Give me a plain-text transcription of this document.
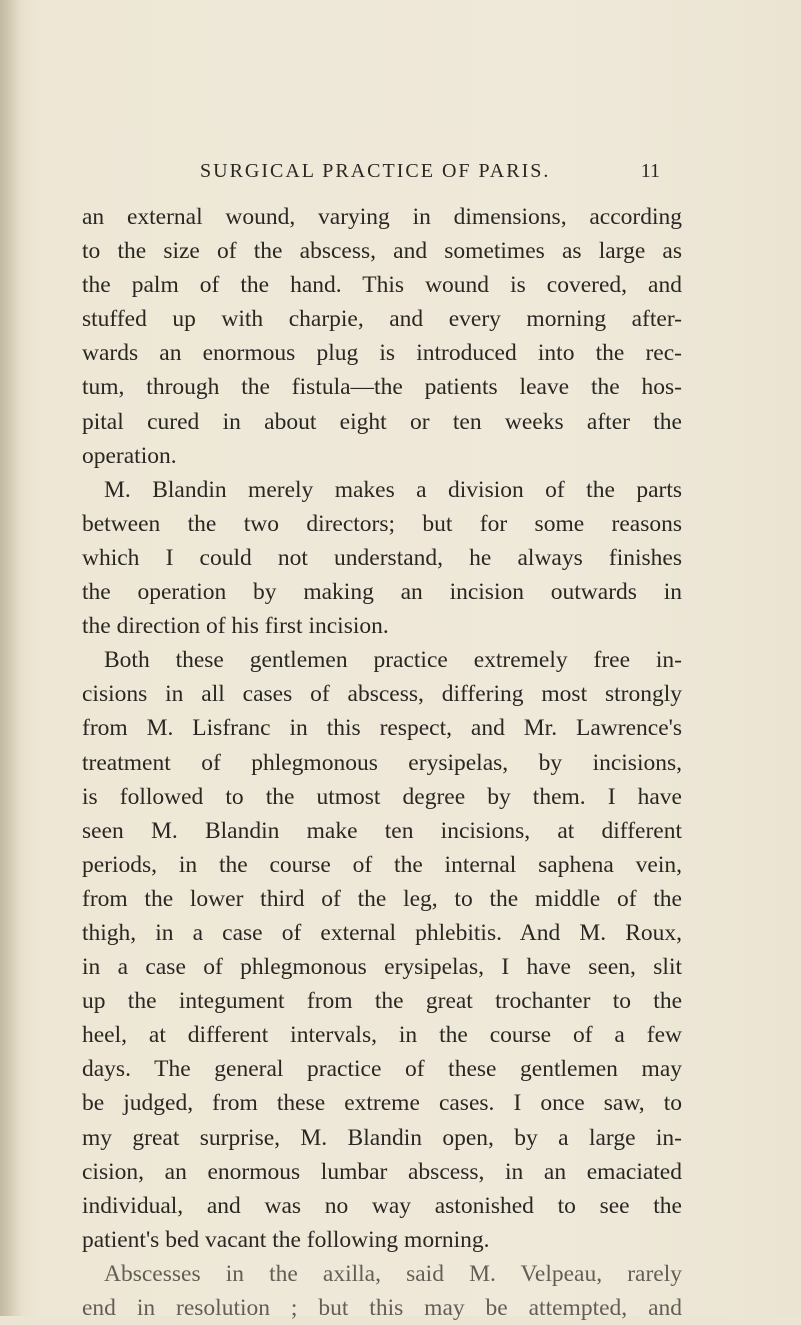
SURGICAL PRACTICE OF PARIS.	11
an external wound, varying in dimensions, according
to the size of the abscess, and sometimes as large as
the palm of the hand. This wound is covered, and
stuffed up with charpie, and every morning after-
wards an enormous plug is introduced into the rec-
tum, through the fistula—the patients leave the hos-
pital cured in about eight or ten weeks after the
operation.
M. Blandin merely makes a division of the parts
between the two directors; but for some reasons
which I could not understand, he always finishes
the operation by making an incision outwards in
the direction of his first incision.
Both these gentlemen practice extremely free in-
cisions in all cases of abscess, differing most strongly
from M. Lisfranc in this respect, and Mr. Lawrence's
treatment of phlegmonous erysipelas, by incisions,
is followed to the utmost degree by them. I have
seen M. Blandin make ten incisions, at different
periods, in the course of the internal saphena vein,
from the lower third of the leg, to the middle of the
thigh, in a case of external phlebitis. And M. Roux,
in a case of phlegmonous erysipelas, I have seen, slit
up the integument from the great trochanter to the
heel, at different intervals, in the course of a few
days. The general practice of these gentlemen may
be judged, from these extreme cases. I once saw, to
my great surprise, M. Blandin open, by a large in-
cision, an enormous lumbar abscess, in an emaciated
individual, and was no way astonished to see the
patient's bed vacant the following morning.
Abscesses in the axilla, said M. Velpeau, rarely
end in resolution ; but this may be attempted, and
